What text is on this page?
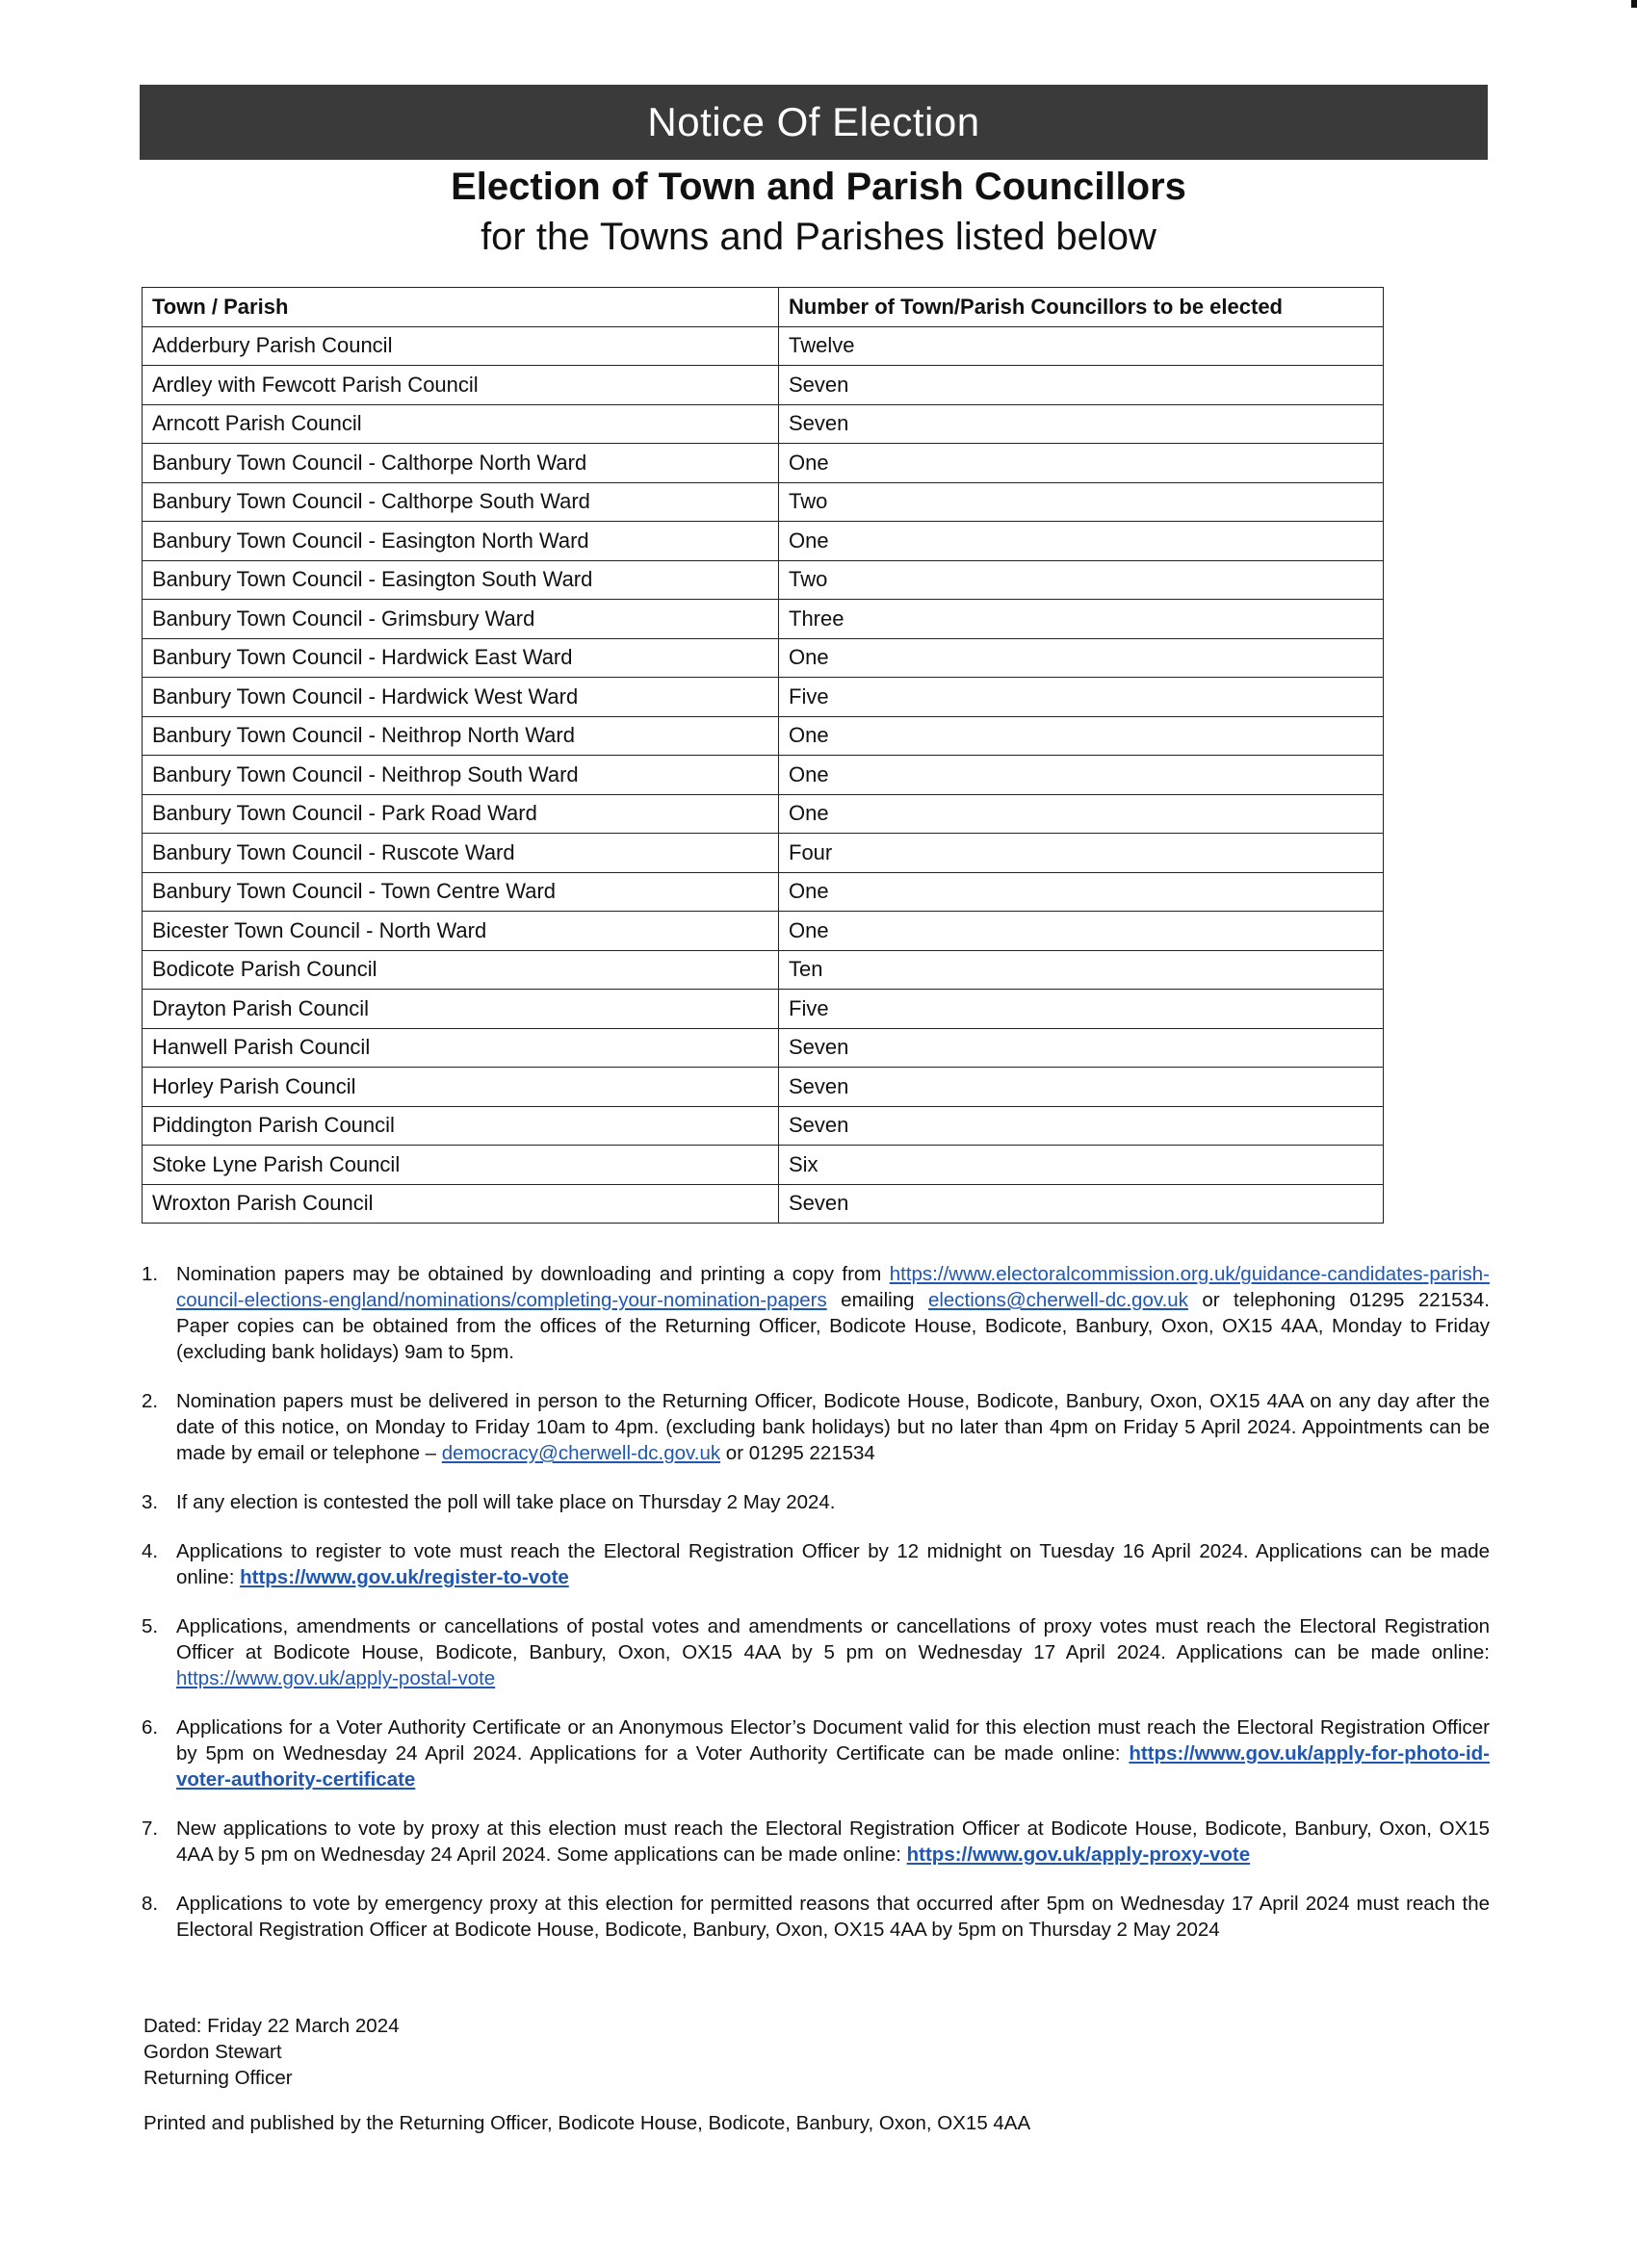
Notice Of Election
Election of Town and Parish Councillors
for the Towns and Parishes listed below
Town / Parish	Number of Town/Parish Councillors to be elected
Adderbury Parish Council	Twelve
Ardley with Fewcott Parish Council	Seven
Arncott Parish Council	Seven
Banbury Town Council - Calthorpe North Ward	One
Banbury Town Council - Calthorpe South Ward	Two
Banbury Town Council - Easington North Ward	One
Banbury Town Council - Easington South Ward	Two
Banbury Town Council - Grimsbury Ward	Three
Banbury Town Council - Hardwick East Ward	One
Banbury Town Council - Hardwick West Ward	Five
Banbury Town Council - Neithrop North Ward	One
Banbury Town Council - Neithrop South Ward	One
Banbury Town Council - Park Road Ward	One
Banbury Town Council - Ruscote Ward	Four
Banbury Town Council - Town Centre Ward	One
Bicester Town Council - North Ward	One
Bodicote Parish Council	Ten
Drayton Parish Council	Five
Hanwell Parish Council	Seven
Horley Parish Council	Seven
Piddington Parish Council	Seven
Stoke Lyne Parish Council	Six
Wroxton Parish Council	Seven
1. Nomination papers may be obtained by downloading and printing a copy from https://www.electoralcommission.org.uk/guidance-candidates-parish-council-elections-england/nominations/completing-your-nomination-papers emailing elections@cherwell-dc.gov.uk or telephoning 01295 221534. Paper copies can be obtained from the offices of the Returning Officer, Bodicote House, Bodicote, Banbury, Oxon, OX15 4AA, Monday to Friday (excluding bank holidays) 9am to 5pm.
2. Nomination papers must be delivered in person to the Returning Officer, Bodicote House, Bodicote, Banbury, Oxon, OX15 4AA on any day after the date of this notice, on Monday to Friday 10am to 4pm. (excluding bank holidays) but no later than 4pm on Friday 5 April 2024. Appointments can be made by email or telephone – democracy@cherwell-dc.gov.uk or 01295 221534
3. If any election is contested the poll will take place on Thursday 2 May 2024.
4. Applications to register to vote must reach the Electoral Registration Officer by 12 midnight on Tuesday 16 April 2024. Applications can be made online: https://www.gov.uk/register-to-vote
5. Applications, amendments or cancellations of postal votes and amendments or cancellations of proxy votes must reach the Electoral Registration Officer at Bodicote House, Bodicote, Banbury, Oxon, OX15 4AA by 5 pm on Wednesday 17 April 2024. Applications can be made online: https://www.gov.uk/apply-postal-vote
6. Applications for a Voter Authority Certificate or an Anonymous Elector’s Document valid for this election must reach the Electoral Registration Officer by 5pm on Wednesday 24 April 2024. Applications for a Voter Authority Certificate can be made online: https://www.gov.uk/apply-for-photo-id-voter-authority-certificate
7. New applications to vote by proxy at this election must reach the Electoral Registration Officer at Bodicote House, Bodicote, Banbury, Oxon, OX15 4AA by 5 pm on Wednesday 24 April 2024. Some applications can be made online: https://www.gov.uk/apply-proxy-vote
8. Applications to vote by emergency proxy at this election for permitted reasons that occurred after 5pm on Wednesday 17 April 2024 must reach the Electoral Registration Officer at Bodicote House, Bodicote, Banbury, Oxon, OX15 4AA by 5pm on Thursday 2 May 2024
Dated: Friday 22 March 2024
Gordon Stewart
Returning Officer
Printed and published by the Returning Officer, Bodicote House, Bodicote, Banbury, Oxon, OX15 4AA
